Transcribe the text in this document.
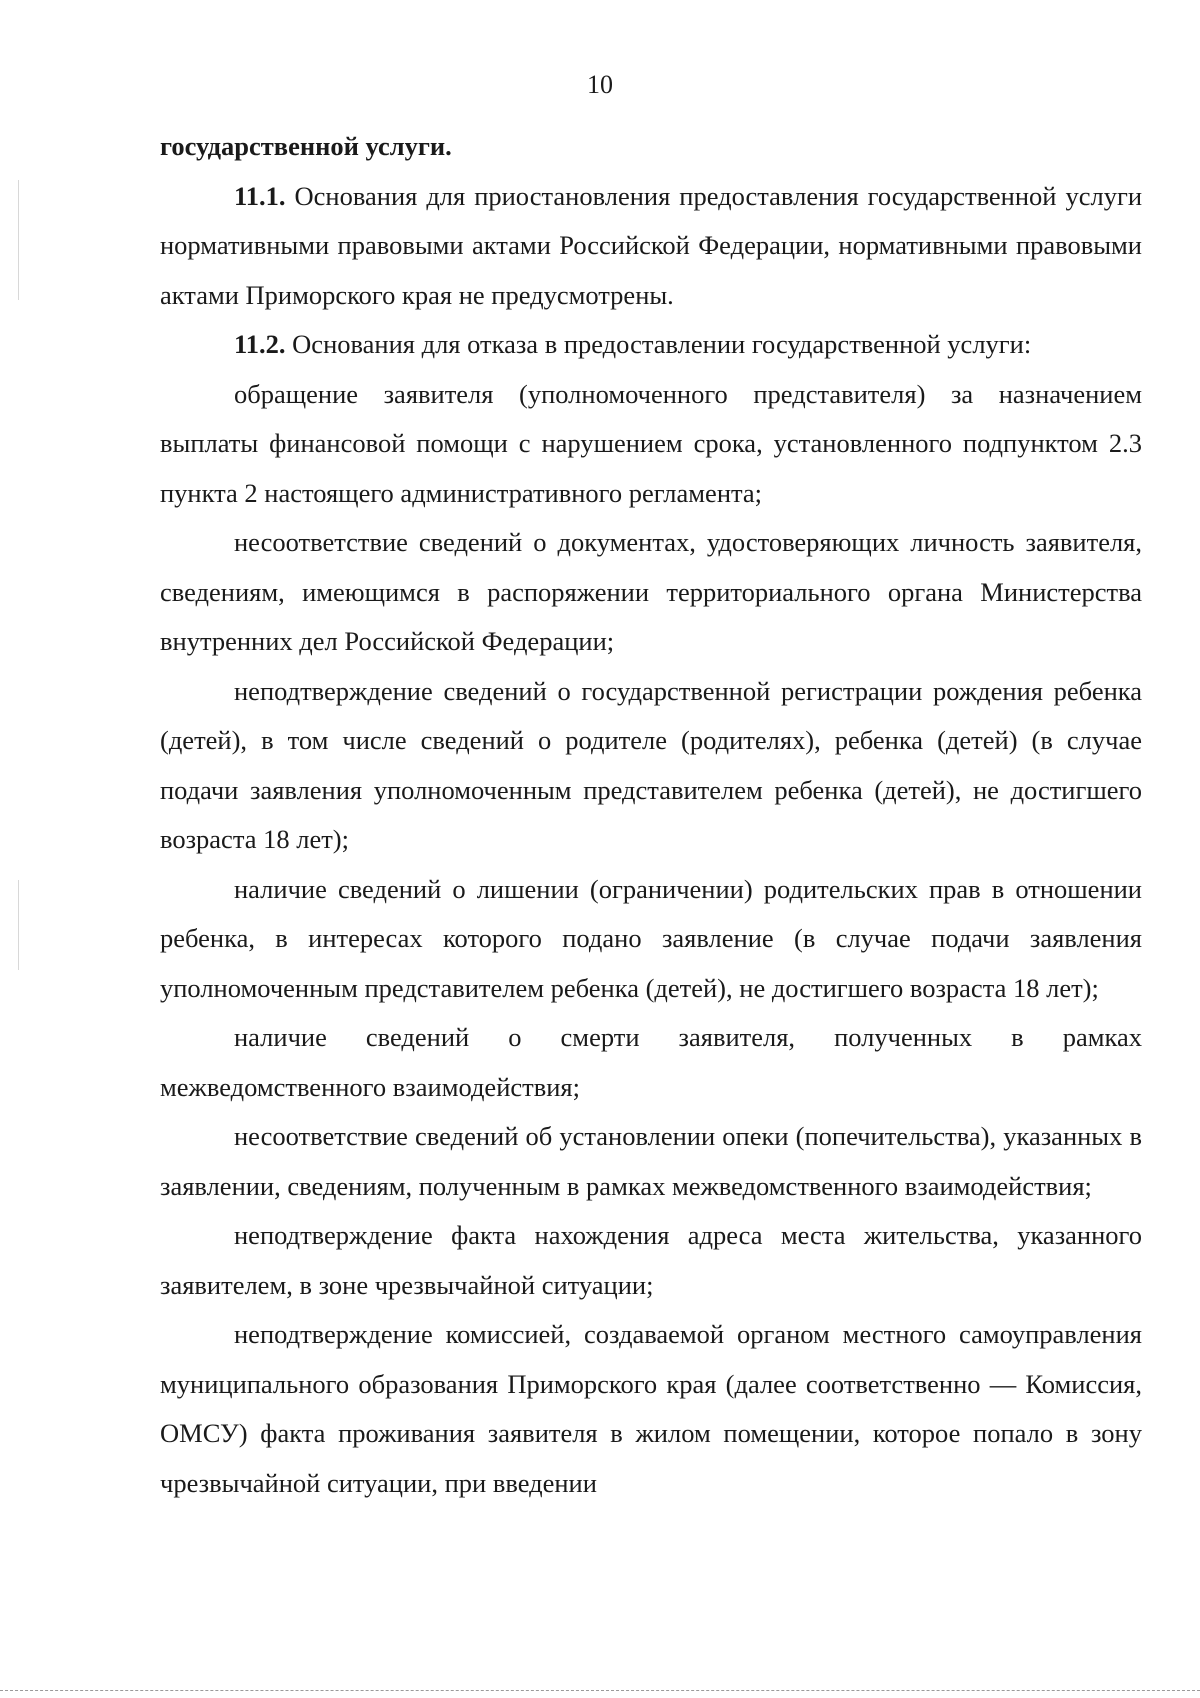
10

государственной услуги.

11.1. Основания для приостановления предоставления государственной услуги нормативными правовыми актами Российской Федерации, нормативными правовыми актами Приморского края не предусмотрены.

11.2. Основания для отказа в предоставлении государственной услуги:

обращение заявителя (уполномоченного представителя) за назначением выплаты финансовой помощи с нарушением срока, установленного подпунктом 2.3 пункта 2 настоящего административного регламента;

несоответствие сведений о документах, удостоверяющих личность заявителя, сведениям, имеющимся в распоряжении территориального органа Министерства внутренних дел Российской Федерации;

неподтверждение сведений о государственной регистрации рождения ребенка (детей), в том числе сведений о родителе (родителях), ребенка (детей) (в случае подачи заявления уполномоченным представителем ребенка (детей), не достигшего возраста 18 лет);

наличие сведений о лишении (ограничении) родительских прав в отношении ребенка, в интересах которого подано заявление (в случае подачи заявления уполномоченным представителем ребенка (детей), не достигшего возраста 18 лет);

наличие сведений о смерти заявителя, полученных в рамках межведомственного взаимодействия;

несоответствие сведений об установлении опеки (попечительства), указанных в заявлении, сведениям, полученным в рамках межведомственного взаимодействия;

неподтверждение факта нахождения адреса места жительства, указанного заявителем, в зоне чрезвычайной ситуации;

неподтверждение комиссией, создаваемой органом местного самоуправления муниципального образования Приморского края (далее соответственно — Комиссия, ОМСУ) факта проживания заявителя в жилом помещении, которое попало в зону чрезвычайной ситуации, при введении
